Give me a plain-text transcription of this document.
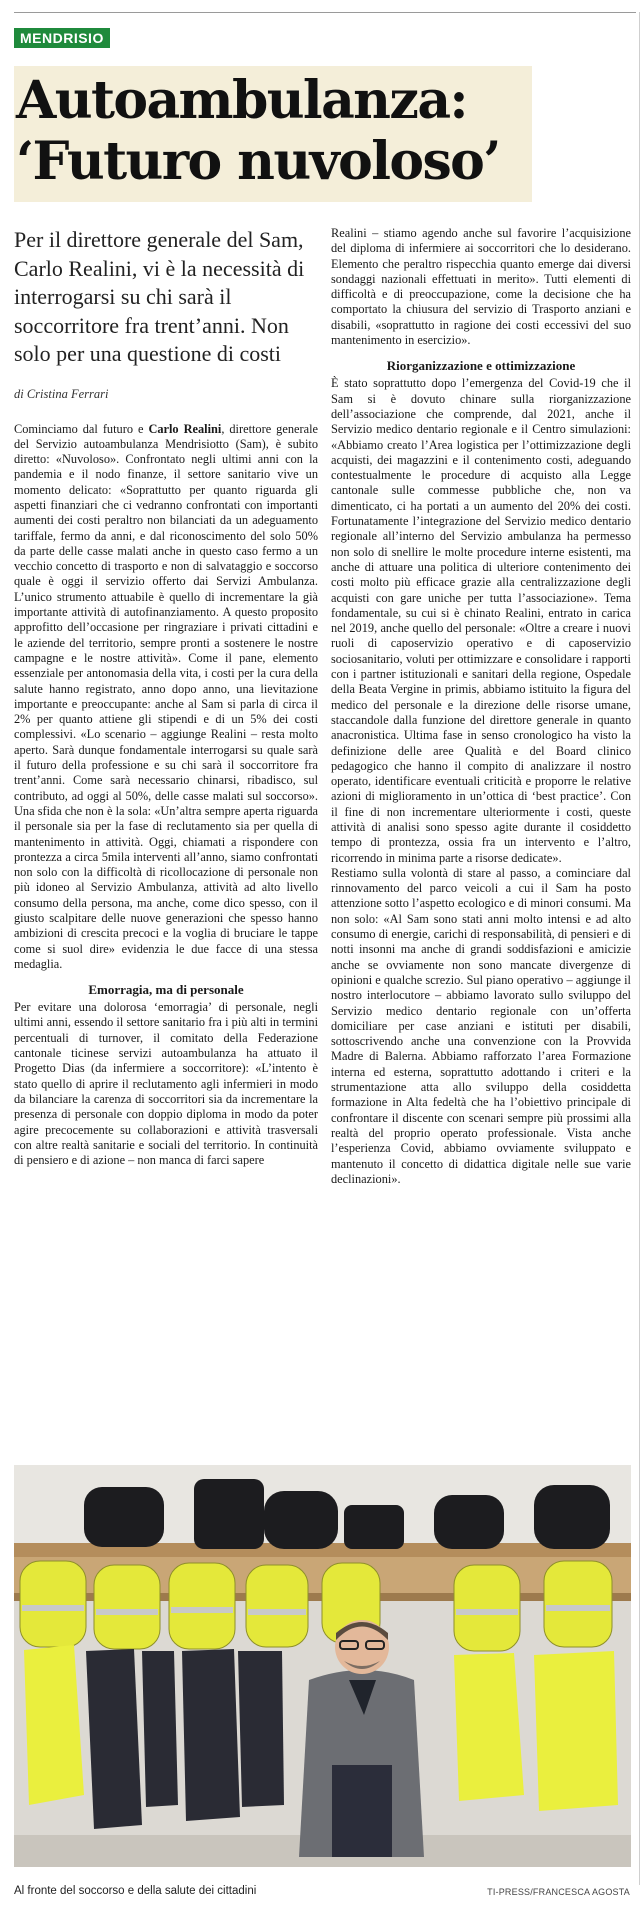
MENDRISIO
Autoambulanza:
‘Futuro nuvoloso’

Per il direttore generale del Sam, Carlo Realini, vi è la necessità di interrogarsi su chi sarà il soccorritore fra trent’anni. Non solo per una questione di costi

di Cristina Ferrari

Cominciamo dal futuro e Carlo Realini, direttore generale del Servizio autoambulanza Mendrisiotto (Sam), è subito diretto: «Nuvoloso». Confrontato negli ultimi anni con la pandemia e il nodo finanze, il settore sanitario vive un momento delicato: «Soprattutto per quanto riguarda gli aspetti finanziari che ci vedranno confrontati con importanti aumenti dei costi peraltro non bilanciati da un adeguamento tariffale, fermo da anni, e dal riconoscimento del solo 50% da parte delle casse malati anche in questo caso fermo a un vecchio concetto di trasporto e non di salvataggio e soccorso quale è oggi il servizio offerto dai Servizi Ambulanza. L’unico strumento attuabile è quello di incrementare la già importante attività di autofinanziamento. A questo proposito approfitto dell’occasione per ringraziare i privati cittadini e le aziende del territorio, sempre pronti a sostenere le nostre campagne e le nostre attività». Come il pane, elemento essenziale per antonomasia della vita, i costi per la cura della salute hanno registrato, anno dopo anno, una lievitazione importante e preoccupante: anche al Sam si parla di circa il 2% per quanto attiene gli stipendi e di un 5% dei costi complessivi. «Lo scenario – aggiunge Realini – resta molto aperto. Sarà dunque fondamentale interrogarsi su quale sarà il futuro della professione e su chi sarà il soccorritore fra trent’anni. Come sarà necessario chinarsi, ribadisco, sul contributo, ad oggi al 50%, delle casse malati sul soccorso». Una sfida che non è la sola: «Un’altra sempre aperta riguarda il personale sia per la fase di reclutamento sia per quella di mantenimento in attività. Oggi, chiamati a rispondere con prontezza a circa 5mila interventi all’anno, siamo confrontati non solo con la difficoltà di ricollocazione di personale non più idoneo al Servizio Ambulanza, attività ad alto livello consumo della persona, ma anche, come dico spesso, con il giusto scalpitare delle nuove generazioni che spesso hanno ambizioni di crescita precoci e la voglia di bruciare le tappe come si suol dire» evidenzia le due facce di una stessa medaglia.

Emorragia, ma di personale

Per evitare una dolorosa ‘emorragia’ di personale, negli ultimi anni, essendo il settore sanitario fra i più alti in termini percentuali di turnover, il comitato della Federazione cantonale ticinese servizi autoambulanza ha attuato il Progetto Dias (da infermiere a soccorritore): «L’intento è stato quello di aprire il reclutamento agli infermieri in modo da bilanciare la carenza di soccorritori sia da incrementare la presenza di personale con doppio diploma in modo da poter agire precocemente su collaborazioni e attività trasversali con altre realtà sanitarie e sociali del territorio. In continuità di pensiero e di azione – non manca di farci sapere

Realini – stiamo agendo anche sul favorire l’acquisizione del diploma di infermiere ai soccorritori che lo desiderano. Elemento che peraltro rispecchia quanto emerge dai diversi sondaggi nazionali effettuati in merito». Tutti elementi di difficoltà e di preoccupazione, come la decisione che ha comportato la chiusura del servizio di Trasporto anziani e disabili, «soprattutto in ragione dei costi eccessivi del suo mantenimento in esercizio».

Riorganizzazione e ottimizzazione

È stato soprattutto dopo l’emergenza del Covid-19 che il Sam si è dovuto chinare sulla riorganizzazione dell’associazione che comprende, dal 2021, anche il Servizio medico dentario regionale e il Centro simulazioni: «Abbiamo creato l’Area logistica per l’ottimizzazione degli acquisti, dei magazzini e il contenimento costi, adeguando contestualmente le procedure di acquisto alla Legge cantonale sulle commesse pubbliche che, non va dimenticato, ci ha portati a un aumento del 20% dei costi. Fortunatamente l’integrazione del Servizio medico dentario regionale all’interno del Servizio ambulanza ha permesso non solo di snellire le molte procedure interne esistenti, ma anche di attuare una politica di ulteriore contenimento dei costi molto più efficace grazie alla centralizzazione degli acquisti con gare uniche per tutta l’associazione». Tema fondamentale, su cui si è chinato Realini, entrato in carica nel 2019, anche quello del personale: «Oltre a creare i nuovi ruoli di caposervizio operativo e di caposervizio sociosanitario, voluti per ottimizzare e consolidare i rapporti con i partner istituzionali e sanitari della regione, Ospedale della Beata Vergine in primis, abbiamo istituito la figura del medico del personale e la direzione delle risorse umane, staccandole dalla funzione del direttore generale in quanto anacronistica. Ultima fase in senso cronologico ha visto la definizione delle aree Qualità e del Board clinico pedagogico che hanno il compito di analizzare il nostro operato, identificare eventuali criticità e proporre le relative azioni di miglioramento in un’ottica di ‘best practice’. Con il fine di non incrementare ulteriormente i costi, queste attività di analisi sono spesso agite durante il cosiddetto tempo di prontezza, ossia fra un intervento e l’altro, ricorrendo in minima parte a risorse dedicate».

Restiamo sulla volontà di stare al passo, a cominciare dal rinnovamento del parco veicoli a cui il Sam ha posto attenzione sotto l’aspetto ecologico e di minori consumi. Ma non solo: «Al Sam sono stati anni molto intensi e ad alto consumo di energie, carichi di responsabilità, di pensieri e di notti insonni ma anche di grandi soddisfazioni e amicizie anche se ovviamente non sono mancate divergenze di opinioni e qualche screzio. Sul piano operativo – aggiunge il nostro interlocutore – abbiamo lavorato sullo sviluppo del Servizio medico dentario regionale con un’offerta domiciliare per case anziani e istituti per disabili, sottoscrivendo anche una convenzione con la Provvida Madre di Balerna. Abbiamo rafforzato l’area Formazione interna ed esterna, soprattutto adottando i criteri e la strumentazione atta allo sviluppo della cosiddetta formazione in Alta fedeltà che ha l’obiettivo principale di confrontare il discente con scenari sempre più prossimi alla realtà del proprio operato professionale. Vista anche l’esperienza Covid, abbiamo ovviamente sviluppato e mantenuto il concetto di didattica digitale nelle sue varie declinazioni».

Al fronte del soccorso e della salute dei cittadini	TI-PRESS/FRANCESCA AGOSTA
